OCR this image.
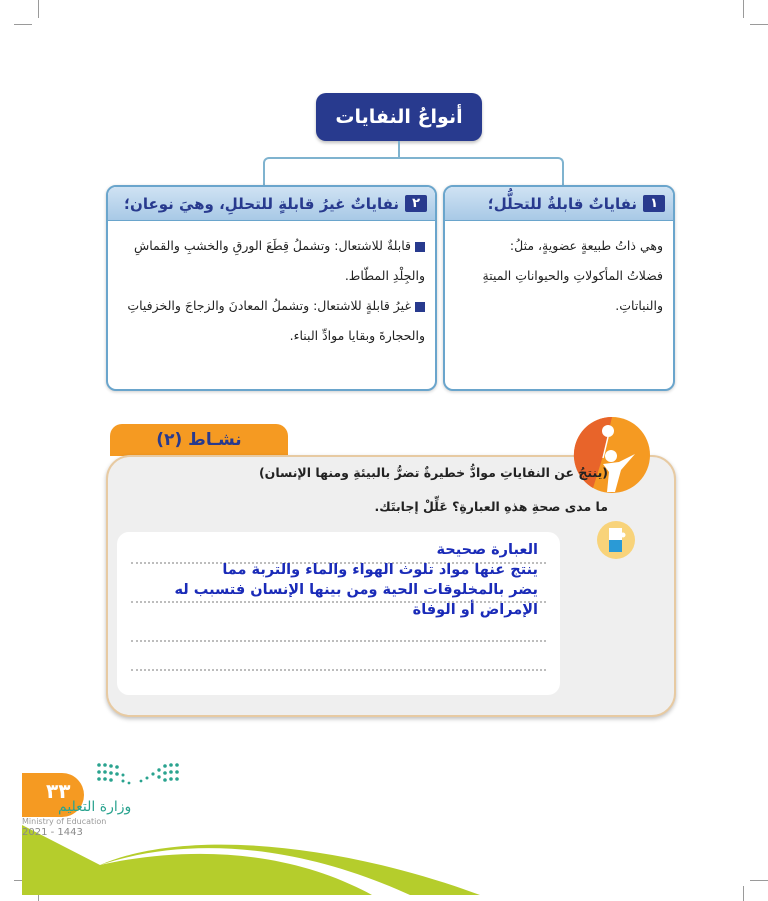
أنواعُ النفايات
١
نفاياتٌ قابلةٌ للتحلُّل؛
وهي ذاتُ طبيعةٍ عضويةٍ، مثلُ:
فضلاتُ المأكولاتِ والحيواناتِ الميتةِ
والنباتاتِ.
٢
نفاياتٌ غيرُ قابلةٍ للتحللِ، وهيَ نوعان؛
قابلةٌ للاشتعال: وتشملُ قِطَعَ الورقِ والخشبِ والقماشِ
والجِلْدِ المطّاط.
غيرُ قابلةٍ للاشتعال: وتشملُ المعادنَ والزجاجَ والخزفياتِ
والحجارةَ وبقايا موادِّ البناء.
نشـاط (٢)
(ينتجُ عن النفاياتِ موادُّ خطيرةٌ تضرُّ بالبيئةِ ومنها الإنسان)
ما مدى صحةِ هذهِ العبارةِ؟ عَلِّلْ إجابتَك.
العبارة صحيحة
ينتج عنها مواد تلوث الهواء والماء والتربة مما
يضر بالمخلوقات الحية ومن بينها الإنسان فتسبب له
الإمراض أو الوفاة
٣٣
وزارة التعليم
Ministry of Education
2021 - 1443
